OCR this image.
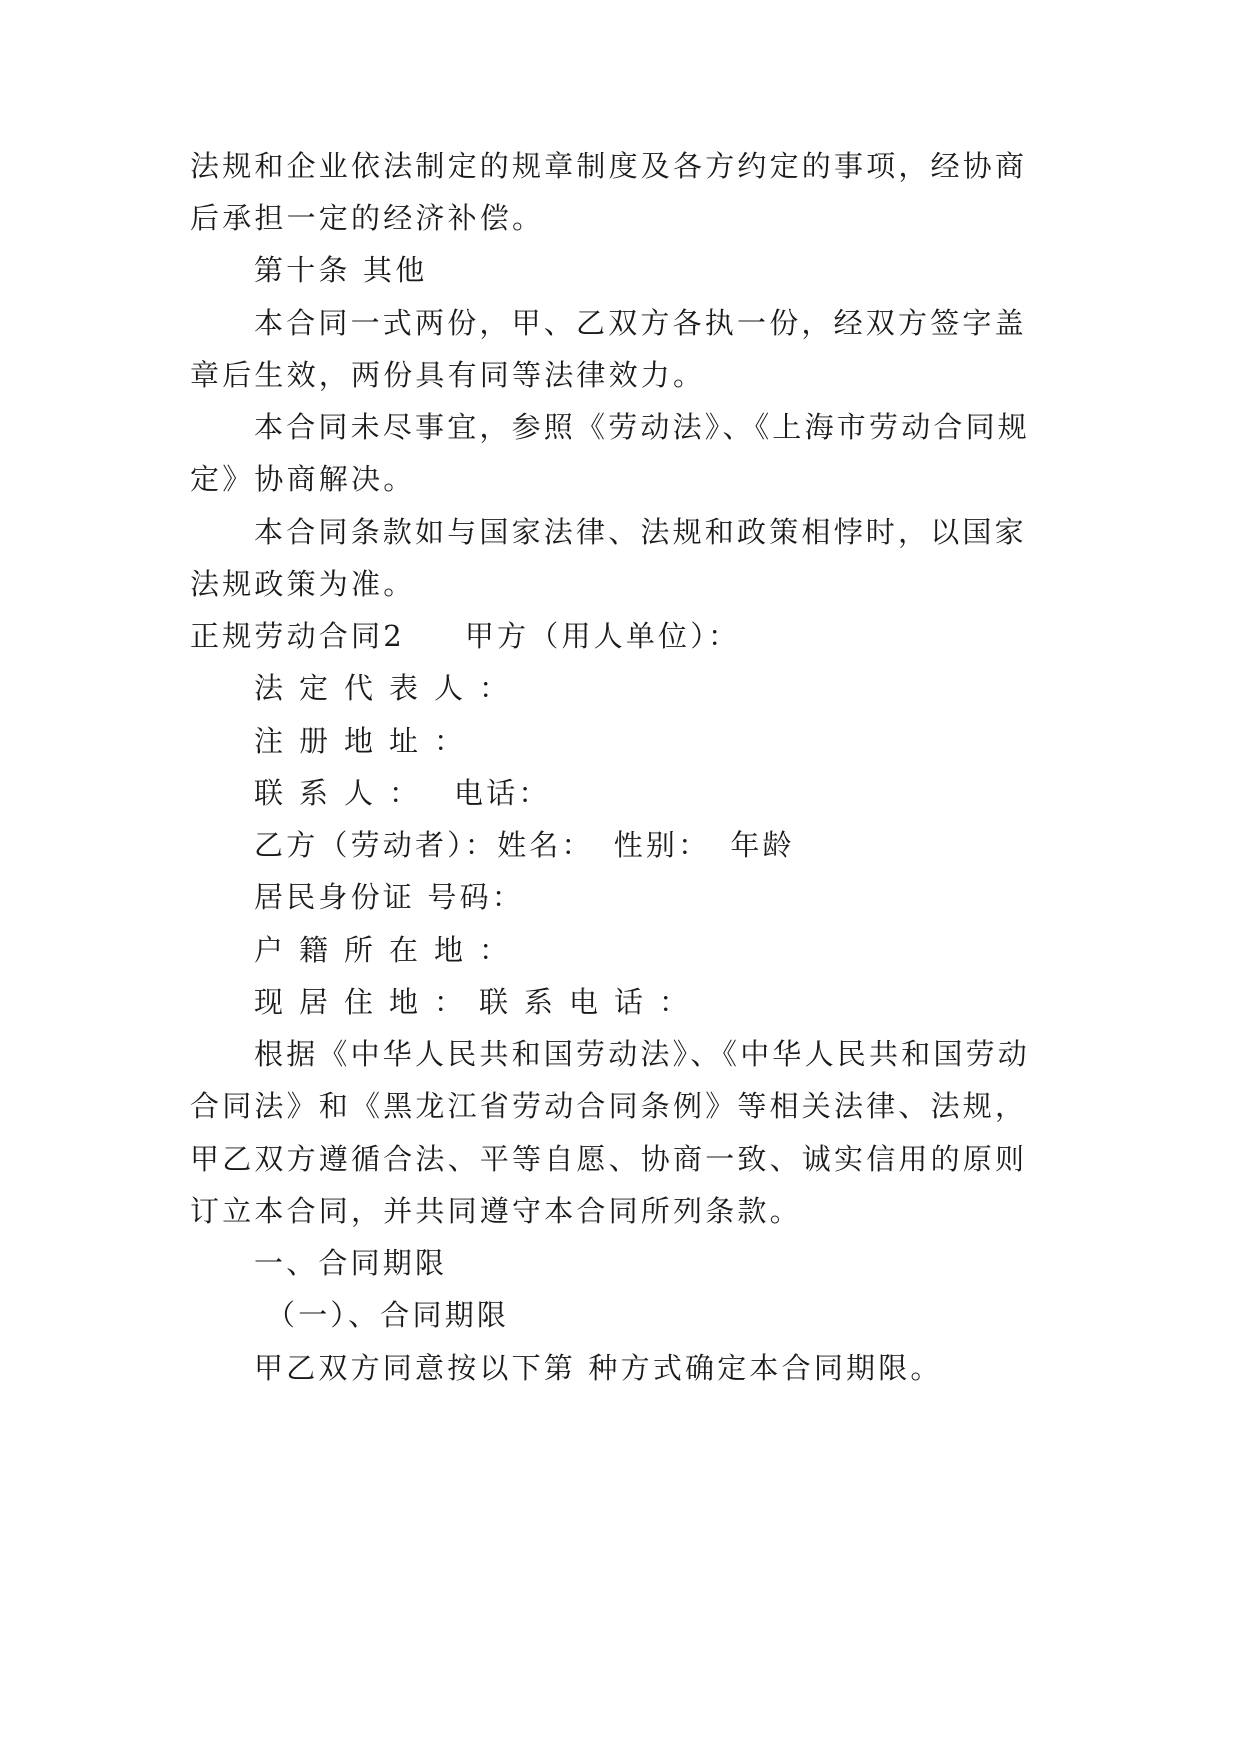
法规和企业依法制定的规章制度及各方约定的事项，经协商
后承担一定的经济补偿。
第十条 其他
本合同一式两份，甲、乙双方各执一份，经双方签字盖
章后生效，两份具有同等法律效力。
本合同未尽事宜，参照《劳动法》、《上海市劳动合同规
定》协商解决。
本合同条款如与国家法律、法规和政策相悖时，以国家
法规政策为准。
正规劳动合同2 甲方（用人单位）：
法定代表人：
注册地址：
联系人： 电话：
乙方（劳动者）：姓名： 性别： 年龄
居民身份证 号码：
户籍所在地：
现居住地：联系电话：
根据《中华人民共和国劳动法》、《中华人民共和国劳动
合同法》和《黑龙江省劳动合同条例》等相关法律、法规，
甲乙双方遵循合法、平等自愿、协商一致、诚实信用的原则
订立本合同，并共同遵守本合同所列条款。
一、合同期限
（一）、合同期限
甲乙双方同意按以下第 种方式确定本合同期限。
